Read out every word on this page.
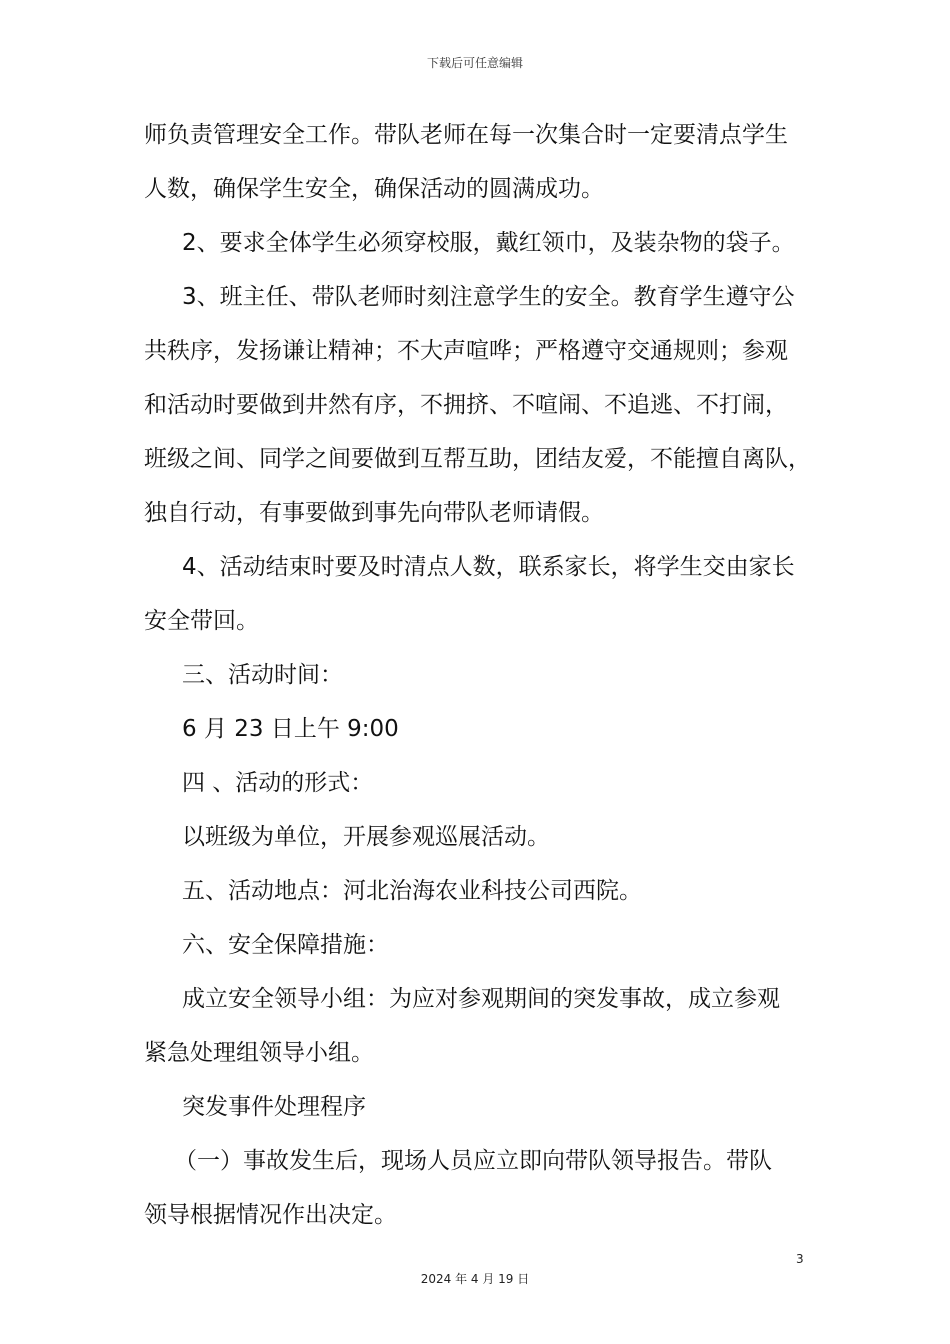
下载后可任意编辑
师负责管理安全工作。带队老师在每一次集合时一定要清点学生
人数，确保学生安全，确保活动的圆满成功。
2、要求全体学生必须穿校服，戴红领巾，及装杂物的袋子。
3、班主任、带队老师时刻注意学生的安全。教育学生遵守公
共秩序，发扬谦让精神；不大声喧哗；严格遵守交通规则；参观
和活动时要做到井然有序，不拥挤、不喧闹、不追逃、不打闹，
班级之间、同学之间要做到互帮互助，团结友爱，不能擅自离队，
独自行动，有事要做到事先向带队老师请假。
4、活动结束时要及时清点人数，联系家长，将学生交由家长
安全带回。
三、活动时间：
6 月 23 日上午 9:00
四 、活动的形式：
以班级为单位，开展参观巡展活动。
五、活动地点：河北治海农业科技公司西院。
六、安全保障措施：
成立安全领导小组：为应对参观期间的突发事故，成立参观
紧急处理组领导小组。
突发事件处理程序
（一）事故发生后，现场人员应立即向带队领导报告。带队
领导根据情况作出决定。
3
2024 年 4 月 19 日
